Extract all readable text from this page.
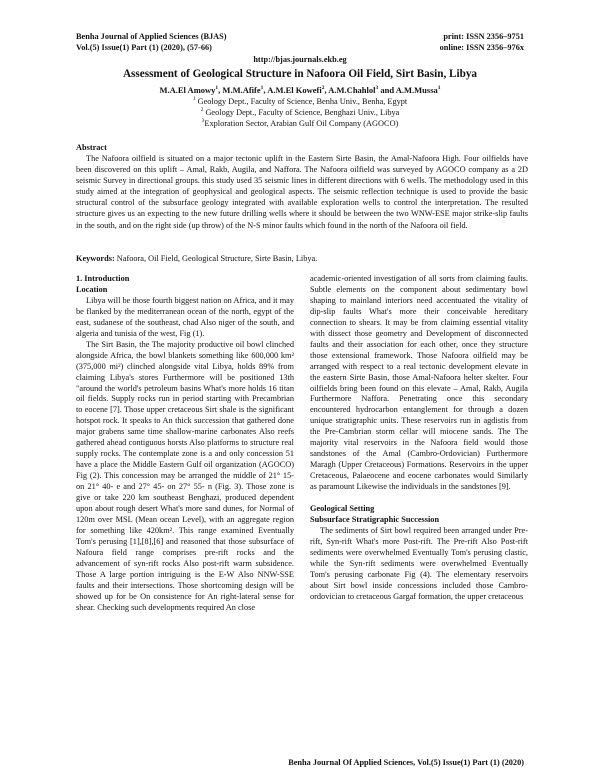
Benha Journal of Applied Sciences (BJAS)	print: ISSN 2356–9751
Vol.(5) Issue(1) Part (1) (2020), (57-66)	online: ISSN 2356–976x
http://bjas.journals.ekb.eg
Assessment of Geological Structure in Nafoora Oil Field, Sirt Basin, Libya
M.A.El Amowy$^1$, M.M.Afife$^1$, A.M.El Kowefi$^2$, A.M.Chahlol$^3$ and A.M.Mussa$^1$
$^1$ Geology Dept., Faculty of Science, Benha Univ., Benha, Egypt
$^2$ Geology Dept., Faculty of Science, Benghazi Univ., Libya
$^3$Exploration Sector, Arabian Gulf Oil Company (AGOCO)
Abstract
The Nafoora oilfield is situated on a major tectonic uplift in the Eastern Sirte Basin, the Amal-Nafoora High. Four oilfields have been discovered on this uplift – Amal, Rakb, Augila, and Naffora. The Nafoora oilfield was surveyed by AGOCO company as a 2D seismic Survey in directional groups. this study used 35 seismic lines in different directions with 6 wells. The methodology used in this study aimed at the integration of geophysical and geological aspects. The seismic reflection technique is used to provide the basic structural control of the subsurface geology integrated with available exploration wells to control the interpretation. The resulted structure gives us an expecting to the new future drilling wells where it should be between the two WNW-ESE major strike-slip faults in the south, and on the right side (up throw) of the N-S minor faults which found in the north of the Nafoora oil field.
Keywords: Nafoora, Oil Field, Geological Structure, Sirte Basin, Libya.
1. Introduction
Location

Libya will be those fourth biggest nation on Africa, and it may be flanked by the mediterranean ocean of the north, egypt of the east, sudanese of the southeast, chad Also niger of the south, and algeria and tunisia of the west, Fig (1).

The Sirt Basin, the The majority productive oil bowl clinched alongside Africa, the bowl blankets something like 600,000 km² (375,000 mi²) clinched alongside vital Libya, holds 89% from claiming Libya's stores Furthermore will be positioned 13th "around the world's petroleum basins What's more holds 16 titan oil fields. Supply rocks run in period starting with Precambrian to eocene [7]. Those upper cretaceous Sirt shale is the significant hotspot rock. It speaks to An thick succession that gathered done major grabens same time shallow-marine carbonates Also reefs gathered ahead contiguous horsts Also platforms to structure real supply rocks. The contemplate zone is a and only concession 51 have a place the Middle Eastern Gulf oil organization (AGOCO) Fig (2). This concession may be arranged the middle of 21° 15- on 21° 40- e and 27° 45- on 27° 55- n (Fig. 3). Those zone is give or take 220 km southeast Benghazi, produced dependent upon about rough desert What's more sand dunes, for Normal of 120m over MSL (Mean ocean Level), with an aggregate region for something like 420km². This range examined Eventually Tom's perusing [1],[8],[6] and reasoned that those subsurface of Nafoura field range comprises pre-rift rocks and the advancement of syn-rift rocks Also post-rift warm subsidence. Those A large portion intriguing is the E-W Also NNW-SSE faults and their intersections. Those shortcoming design will be showed up for be On consistence for An right-lateral sense for shear. Checking such developments required An close

academic-oriented investigation of all sorts from claiming faults. Subtle elements on the component about sedimentary bowl shaping to mainland interiors need accentuated the vitality of dip-slip faults What's more their conceivable hereditary connection to shears. It may be from claiming essential vitality with dissect those geometry and Development of disconnected faults and their association for each other, once they structure those extensional framework. Those Nafoora oilfield may be arranged with respect to a real tectonic development elevate in the eastern Sirte Basin, those Amal-Nafoora helter skelter. Four oilfields bring been found on this elevate – Amal, Rakb, Augila Furthermore Naffora. Penetrating once this secondary encountered hydrocarbon entanglement for through a dozen unique stratigraphic units. These reservoirs run in agdistis from the Pre-Cambrian storm cellar will miocene sands. The The majority vital reservoirs in the Nafoora field would those sandstones of the Amal (Cambro-Ordovician) Furthermore Maragh (Upper Cretaceous) Formations. Reservoirs in the upper Cretaceous, Palaeocene and eocene carbonates would Similarly as paramount Likewise the individuals in the sandstones [9].

Geological Setting
Subsurface Stratigraphic Succession

The sediments of Sirt bowl required been arranged under Pre-rift, Syn-rift What's more Post-rift. The Pre-rift Also Post-rift sediments were overwhelmed Eventually Tom's perusing clastic, while the Syn-rift sediments were overwhelmed Eventually Tom's perusing carbonate Fig (4). The elementary reservoirs about Sirt bowl inside concessions included those Cambro- ordovician to cretaceous Gargaf formation, the upper cretaceous

Benha Journal Of Applied Sciences, Vol.(5) Issue(1) Part (1) (2020)
